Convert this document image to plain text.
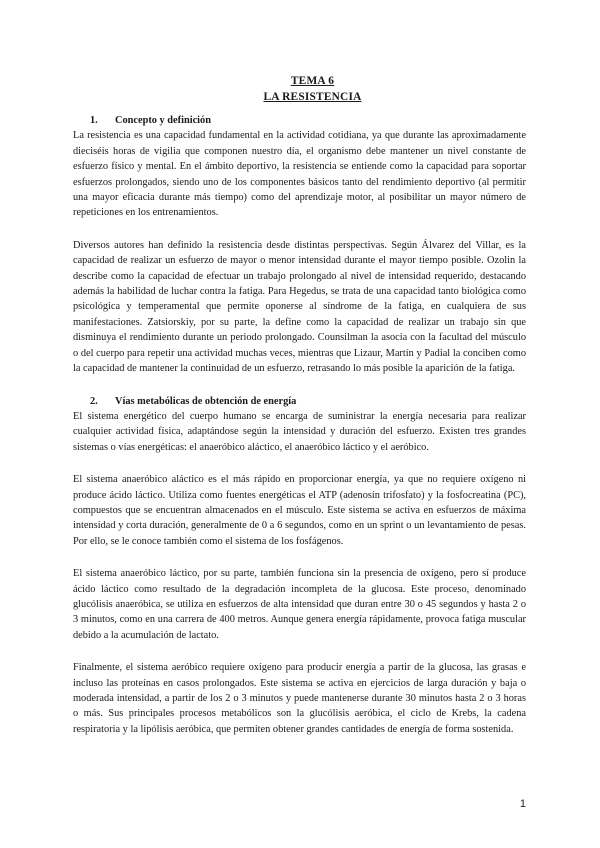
TEMA 6
LA RESISTENCIA
1.	Concepto y definición

La resistencia es una capacidad fundamental en la actividad cotidiana, ya que durante las aproximadamente dieciséis horas de vigilia que componen nuestro día, el organismo debe mantener un nivel constante de esfuerzo físico y mental. En el ámbito deportivo, la resistencia se entiende como la capacidad para soportar esfuerzos prolongados, siendo uno de los componentes básicos tanto del rendimiento deportivo (al permitir una mayor eficacia durante más tiempo) como del aprendizaje motor, al posibilitar un mayor número de repeticiones en los entrenamientos.

Diversos autores han definido la resistencia desde distintas perspectivas. Según Álvarez del Villar, es la capacidad de realizar un esfuerzo de mayor o menor intensidad durante el mayor tiempo posible. Ozolin la describe como la capacidad de efectuar un trabajo prolongado al nivel de intensidad requerido, destacando además la habilidad de luchar contra la fatiga. Para Hegedus, se trata de una capacidad tanto biológica como psicológica y temperamental que permite oponerse al síndrome de la fatiga, en cualquiera de sus manifestaciones. Zatsiorskiy, por su parte, la define como la capacidad de realizar un trabajo sin que disminuya el rendimiento durante un periodo prolongado. Counsilman la asocia con la facultad del músculo o del cuerpo para repetir una actividad muchas veces, mientras que Lizaur, Martín y Padial la conciben como la capacidad de mantener la continuidad de un esfuerzo, retrasando lo más posible la aparición de la fatiga.

2.	Vías metabólicas de obtención de energía

El sistema energético del cuerpo humano se encarga de suministrar la energía necesaria para realizar cualquier actividad física, adaptándose según la intensidad y duración del esfuerzo. Existen tres grandes sistemas o vías energéticas: el anaeróbico aláctico, el anaeróbico láctico y el aeróbico.

El sistema anaeróbico aláctico es el más rápido en proporcionar energía, ya que no requiere oxígeno ni produce ácido láctico. Utiliza como fuentes energéticas el ATP (adenosín trifosfato) y la fosfocreatina (PC), compuestos que se encuentran almacenados en el músculo. Este sistema se activa en esfuerzos de máxima intensidad y corta duración, generalmente de 0 a 6 segundos, como en un sprint o un levantamiento de pesas. Por ello, se le conoce también como el sistema de los fosfágenos.

El sistema anaeróbico láctico, por su parte, también funciona sin la presencia de oxígeno, pero sí produce ácido láctico como resultado de la degradación incompleta de la glucosa. Este proceso, denominado glucólisis anaeróbica, se utiliza en esfuerzos de alta intensidad que duran entre 30 o 45 segundos y hasta 2 o 3 minutos, como en una carrera de 400 metros. Aunque genera energía rápidamente, provoca fatiga muscular debido a la acumulación de lactato.

Finalmente, el sistema aeróbico requiere oxígeno para producir energía a partir de la glucosa, las grasas e incluso las proteínas en casos prolongados. Este sistema se activa en ejercicios de larga duración y baja o moderada intensidad, a partir de los 2 o 3 minutos y puede mantenerse durante 30 minutos hasta 2 o 3 horas o más. Sus principales procesos metabólicos son la glucólisis aeróbica, el ciclo de Krebs, la cadena respiratoria y la lipólisis aeróbica, que permiten obtener grandes cantidades de energía de forma sostenida.

1
